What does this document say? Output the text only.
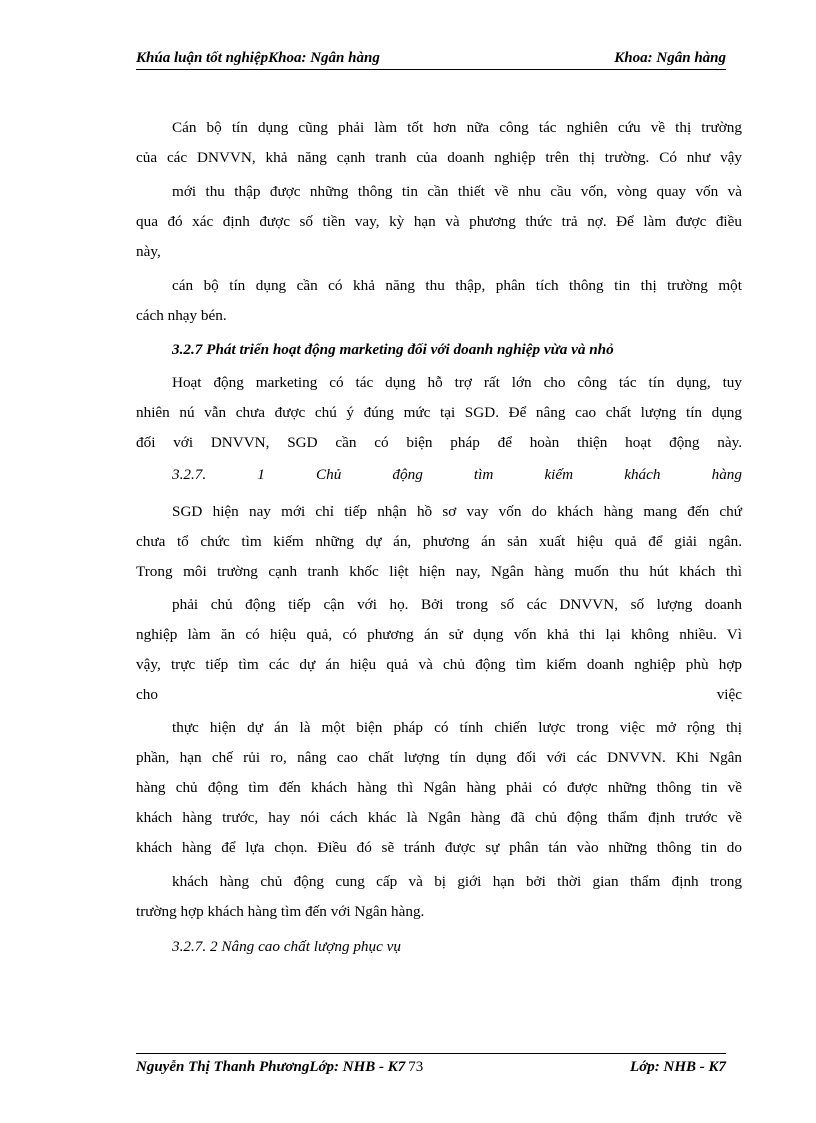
Khúa luận tốt nghiệpKhoa: Ngân hàng	Khoa: Ngân hàng
Cán bộ tín dụng cũng phải làm tốt hơn nữa công tác nghiên cứu về thị trường
của các DNVVN, khả năng cạnh tranh của doanh nghiệp trên thị trường. Có như vậy
mới thu thập được những thông tin cần thiết về nhu cầu vốn, vòng quay vốn và
qua đó xác định được số tiền vay, kỳ hạn và phương thức trả nợ. Để làm được điều
này,
cán bộ tín dụng cần có khả năng thu thập, phân tích thông tin thị trường một
cách nhạy bén.
3.2.7 Phát triển hoạt động marketing đối với doanh nghiệp vừa và nhỏ
Hoạt động marketing có tác dụng hỗ trợ rất lớn cho công tác tín dụng, tuy
nhiên nú vẫn chưa được chú ý đúng mức tại SGD. Để nâng cao chất lượng tín dụng
đối với DNVVN, SGD cần có biện pháp để hoàn thiện hoạt động này.
3.2.7.	1	Chủ	động	tìm	kiếm	khách	hàng
SGD hiện nay mới chỉ tiếp nhận hồ sơ vay vốn do khách hàng mang đến chứ
chưa tổ chức tìm kiếm những dự án, phương án sản xuất hiệu quả để giải ngân.
Trong môi trường cạnh tranh khốc liệt hiện nay, Ngân hàng muốn thu hút khách thì
phải chủ động tiếp cận với họ. Bởi trong số các DNVVN, số lượng doanh
nghiệp làm ăn có hiệu quả, có phương án sử dụng vốn khả thi lại không nhiều. Vì
vậy, trực tiếp tìm các dự án hiệu quả và chủ động tìm kiếm doanh nghiệp phù hợp
cho	việc
thực hiện dự án là một biện pháp có tính chiến lược trong việc mở rộng thị
phần, hạn chế rủi ro, nâng cao chất lượng tín dụng đối với các DNVVN. Khi Ngân
hàng chủ động tìm đến khách hàng thì Ngân hàng phải có được những thông tin về
khách hàng trước, hay nói cách khác là Ngân hàng đã chủ động thẩm định trước về
khách hàng để lựa chọn. Điều đó sẽ tránh được sự phân tán vào những thông tin do
khách hàng chủ động cung cấp và bị giới hạn bởi thời gian thẩm định trong
trường hợp khách hàng tìm đến với Ngân hàng.
3.2.7. 2 Nâng cao chất lượng phục vụ
Nguyễn Thị Thanh PhươngLớp: NHB - K7 73	Lớp: NHB - K7
